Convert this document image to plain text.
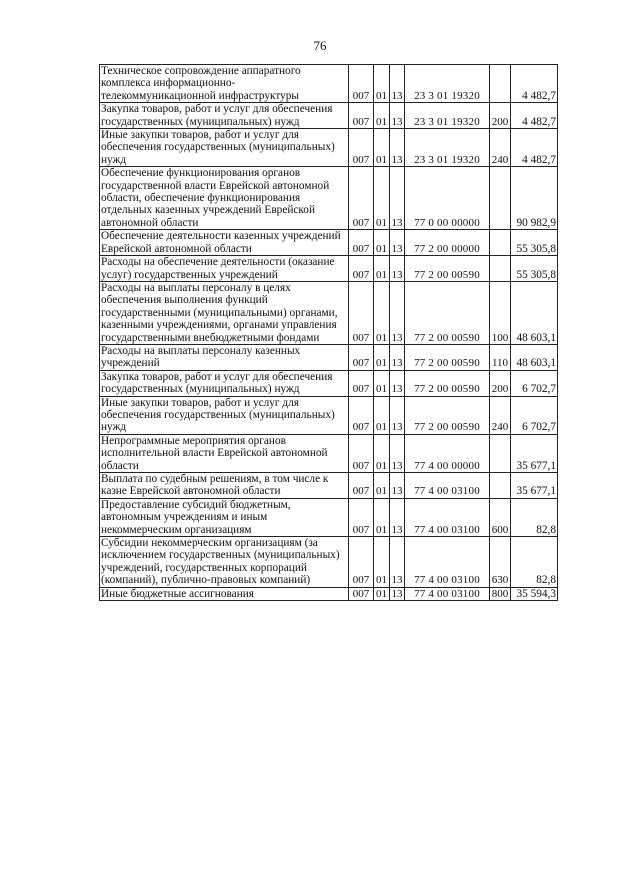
76
Техническое сопровождение аппаратного комплекса информационно-телекоммуникационной инфраструктуры	007	01	13	23 3 01 19320		4 482,7
Закупка товаров, работ и услуг для обеспечения государственных (муниципальных) нужд	007	01	13	23 3 01 19320	200	4 482,7
Иные закупки товаров, работ и услуг для обеспечения государственных (муниципальных) нужд	007	01	13	23 3 01 19320	240	4 482,7
Обеспечение функционирования органов государственной власти Еврейской автономной области, обеспечение функционирования отдельных казенных учреждений Еврейской автономной области	007	01	13	77 0 00 00000		90 982,9
Обеспечение деятельности казенных учреждений Еврейской автономной области	007	01	13	77 2 00 00000		55 305,8
Расходы на обеспечение деятельности (оказание услуг) государственных учреждений	007	01	13	77 2 00 00590		55 305,8
Расходы на выплаты персоналу в целях обеспечения выполнения функций государственными (муниципальными) органами, казенными учреждениями, органами управления государственными внебюджетными фондами	007	01	13	77 2 00 00590	100	48 603,1
Расходы на выплаты персоналу казенных учреждений	007	01	13	77 2 00 00590	110	48 603,1
Закупка товаров, работ и услуг для обеспечения государственных (муниципальных) нужд	007	01	13	77 2 00 00590	200	6 702,7
Иные закупки товаров, работ и услуг для обеспечения государственных (муниципальных) нужд	007	01	13	77 2 00 00590	240	6 702,7
Непрограммные мероприятия органов исполнительной власти Еврейской автономной области	007	01	13	77 4 00 00000		35 677,1
Выплата по судебным решениям, в том числе к казне Еврейской автономной области	007	01	13	77 4 00 03100		35 677,1
Предоставление субсидий бюджетным, автономным учреждениям и иным некоммерческим организациям	007	01	13	77 4 00 03100	600	82,8
Субсидии некоммерческим организациям (за исключением государственных (муниципальных) учреждений, государственных корпораций (компаний), публично-правовых компаний)	007	01	13	77 4 00 03100	630	82,8
Иные бюджетные ассигнования	007	01	13	77 4 00 03100	800	35 594,3
